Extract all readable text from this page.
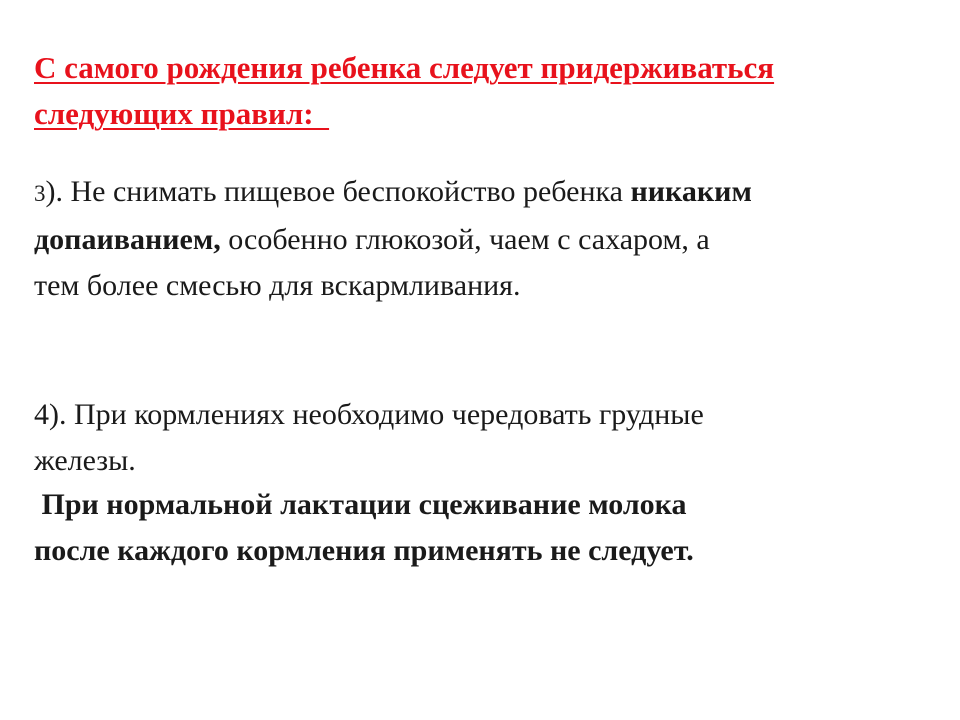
С самого рождения ребенка следует придерживаться
следующих правил:

3). Не снимать пищевое беспокойство ребенка никаким
допаиванием, особенно глюкозой, чаем с сахаром, а
тем более смесью для вскармливания.

4). При кормлениях необходимо чередовать грудные
железы.

При нормальной лактации сцеживание молока
после каждого кормления применять не следует.
